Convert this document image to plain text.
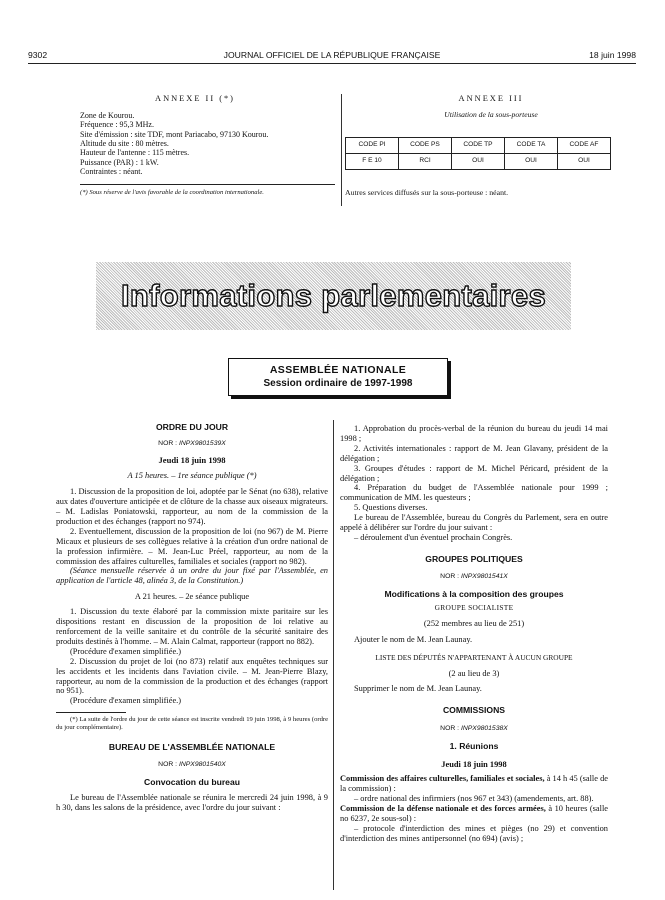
9302	JOURNAL OFFICIEL DE LA RÉPUBLIQUE FRANÇAISE	18 juin 1998
ANNEXE II (*)
Zone de Kourou.
Fréquence : 95,3 MHz.
Site d'émission : site TDF, mont Pariacabo, 97130 Kourou.
Altitude du site : 80 mètres.
Hauteur de l'antenne : 115 mètres.
Puissance (PAR) : 1 kW.
Contraintes : néant.
(*) Sous réserve de l'avis favorable de la coordination internationale.
ANNEXE III
Utilisation de la sous-porteuse
CODE PI	CODE PS	CODE TP	CODE TA	CODE AF
F E 10	RCI	OUI	OUI	OUI
Autres services diffusés sur la sous-porteuse : néant.
Informations parlementaires
ASSEMBLÉE NATIONALE
Session ordinaire de 1997-1998
ORDRE DU JOUR
NOR : INPX9801539X
Jeudi 18 juin 1998
A 15 heures. – 1re séance publique (*)

1. Discussion de la proposition de loi, adoptée par le Sénat (no 638), relative aux dates d'ouverture anticipée et de clôture de la chasse aux oiseaux migrateurs. – M. Ladislas Poniatowski, rapporteur, au nom de la commission de la production et des échanges (rapport no 974).

2. Eventuellement, discussion de la proposition de loi (no 967) de M. Pierre Micaux et plusieurs de ses collègues relative à la création d'un ordre national de la profession infirmière. – M. Jean-Luc Préel, rapporteur, au nom de la commission des affaires culturelles, familiales et sociales (rapport no 982).

(Séance mensuelle réservée à un ordre du jour fixé par l'Assemblée, en application de l'article 48, alinéa 3, de la Constitution.)

A 21 heures. – 2e séance publique

1. Discussion du texte élaboré par la commission mixte paritaire sur les dispositions restant en discussion de la proposition de loi relative au renforcement de la veille sanitaire et du contrôle de la sécurité sanitaire des produits destinés à l'homme. – M. Alain Calmat, rapporteur (rapport no 882).

(Procédure d'examen simplifiée.)

2. Discussion du projet de loi (no 873) relatif aux enquêtes techniques sur les accidents et les incidents dans l'aviation civile. – M. Jean-Pierre Blazy, rapporteur, au nom de la commission de la production et des échanges (rapport no 951).

(Procédure d'examen simplifiée.)

(*) La suite de l'ordre du jour de cette séance est inscrite vendredi 19 juin 1998, à 9 heures (ordre du jour complémentaire).

BUREAU DE L'ASSEMBLÉE NATIONALE
NOR : INPX9801540X
Convocation du bureau

Le bureau de l'Assemblée nationale se réunira le mercredi 24 juin 1998, à 9 h 30, dans les salons de la présidence, avec l'ordre du jour suivant :

1. Approbation du procès-verbal de la réunion du bureau du jeudi 14 mai 1998 ;

2. Activités internationales : rapport de M. Jean Glavany, président de la délégation ;

3. Groupes d'études : rapport de M. Michel Péricard, président de la délégation ;

4. Préparation du budget de l'Assemblée nationale pour 1999 ; communication de MM. les questeurs ;

5. Questions diverses.

Le bureau de l'Assemblée, bureau du Congrès du Parlement, sera en outre appelé à délibérer sur l'ordre du jour suivant :

– déroulement d'un éventuel prochain Congrès.

GROUPES POLITIQUES
NOR : INPX9801541X
Modifications à la composition des groupes
GROUPE SOCIALISTE
(252 membres au lieu de 251)

Ajouter le nom de M. Jean Launay.

LISTE DES DÉPUTÉS N'APPARTENANT À AUCUN GROUPE
(2 au lieu de 3)

Supprimer le nom de M. Jean Launay.

COMMISSIONS
NOR : INPX9801538X
1. Réunions
Jeudi 18 juin 1998

Commission des affaires culturelles, familiales et sociales, à 14 h 45 (salle de la commission) :

– ordre national des infirmiers (nos 967 et 343) (amendements, art. 88).

Commission de la défense nationale et des forces armées, à 10 heures (salle no 6237, 2e sous-sol) :

– protocole d'interdiction des mines et pièges (no 29) et convention d'interdiction des mines antipersonnel (no 694) (avis) ;
